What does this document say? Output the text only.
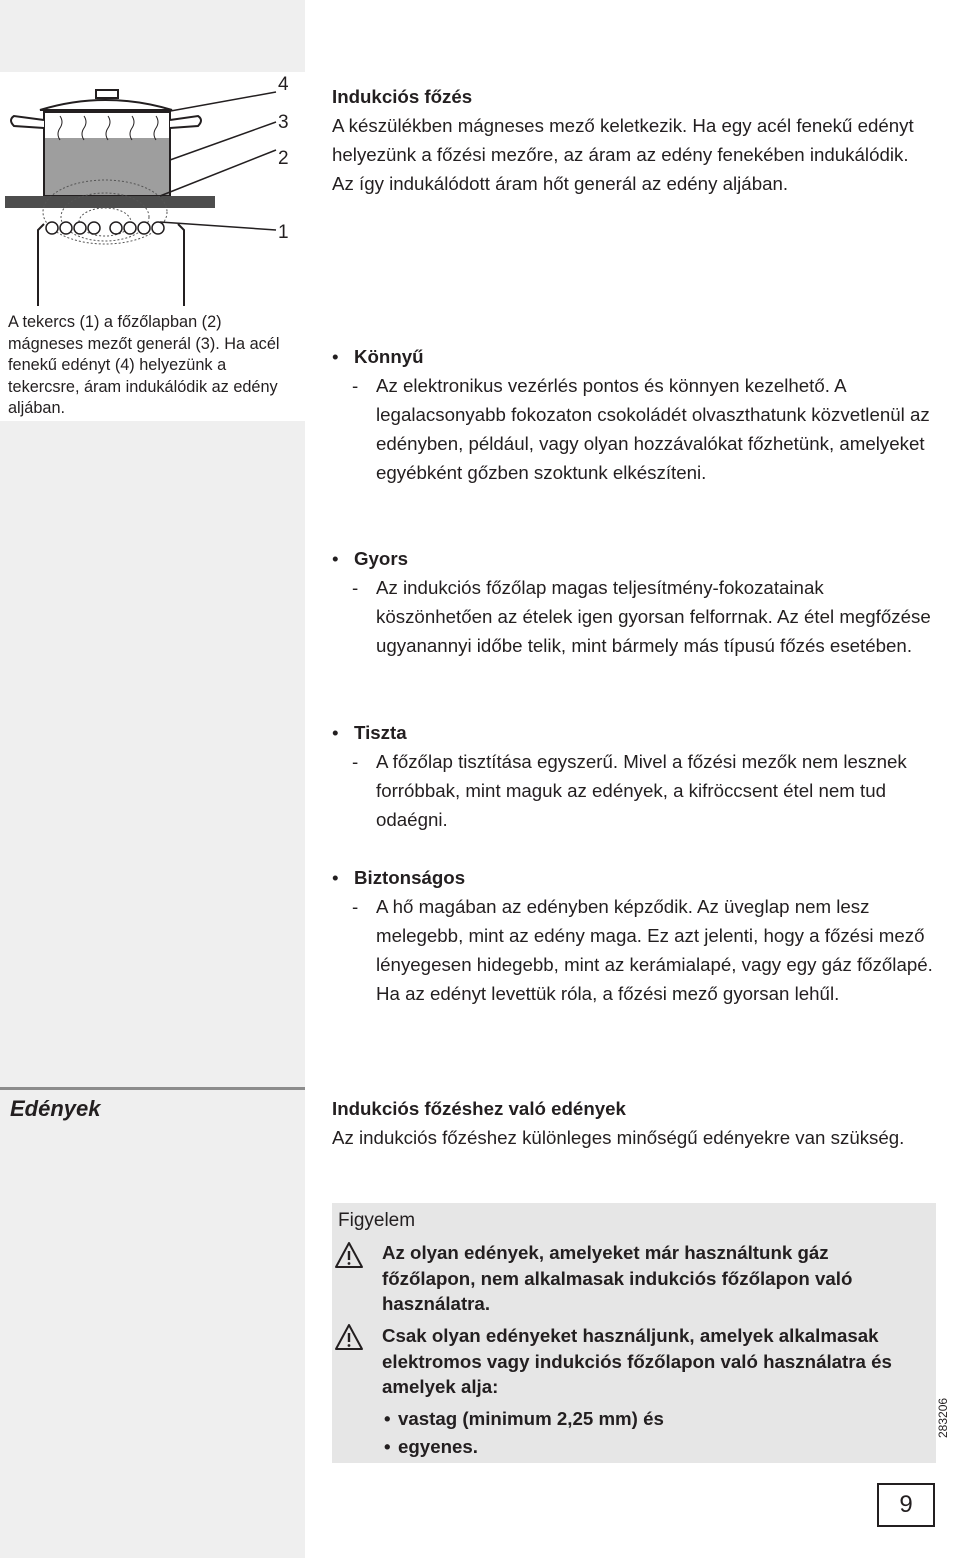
4
3
2
1

A tekercs (1) a főzőlapban (2) mágneses mezőt generál (3). Ha acél fenekű edényt (4) helyezünk a tekercsre, áram indukálódik az edény aljában.

Indukciós főzés

A készülékben mágneses mező keletkezik. Ha egy acél fenekű edényt helyezünk a főzési mezőre, az áram az edény fenekében indukálódik. Az így indukálódott áram hőt generál az edény aljában.

• Könnyű
- Az elektronikus vezérlés pontos és könnyen kezelhető. A legalacsonyabb fokozaton csokoládét olvaszthatunk közvetlenül az edényben, például, vagy olyan hozzávalókat főzhetünk, amelyeket egyébként gőzben szoktunk elkészíteni.
• Gyors
- Az indukciós főzőlap magas teljesítmény-fokozatainak köszönhetően az ételek igen gyorsan felforrnak. Az étel megfőzése ugyanannyi időbe telik, mint bármely más típusú főzés esetében.
• Tiszta
- A főzőlap tisztítása egyszerű. Mivel a főzési mezők nem lesznek forróbbak, mint maguk az edények, a kifröccsent étel nem tud odaégni.
• Biztonságos
- A hő magában az edényben képződik. Az üveglap nem lesz melegebb, mint az edény maga. Ez azt jelenti, hogy a főzési mező lényegesen hidegebb, mint az kerámialapé, vagy egy gáz főzőlapé. Ha az edényt levettük róla, a főzési mező gyorsan lehűl.
Edények	Indukciós főzéshez való edények

Az indukciós főzéshez különleges minőségű edényekre van szükség.

Figyelem
Az olyan edények, amelyeket már használtunk gáz főzőlapon, nem alkalmasak indukciós főzőlapon való használatra.
Csak olyan edényeket használjunk, amelyek alkalmasak elektromos vagy indukciós főzőlapon való használatra és amelyek alja:
• vastag (minimum 2,25 mm) és
• egyenes.
9
283206
